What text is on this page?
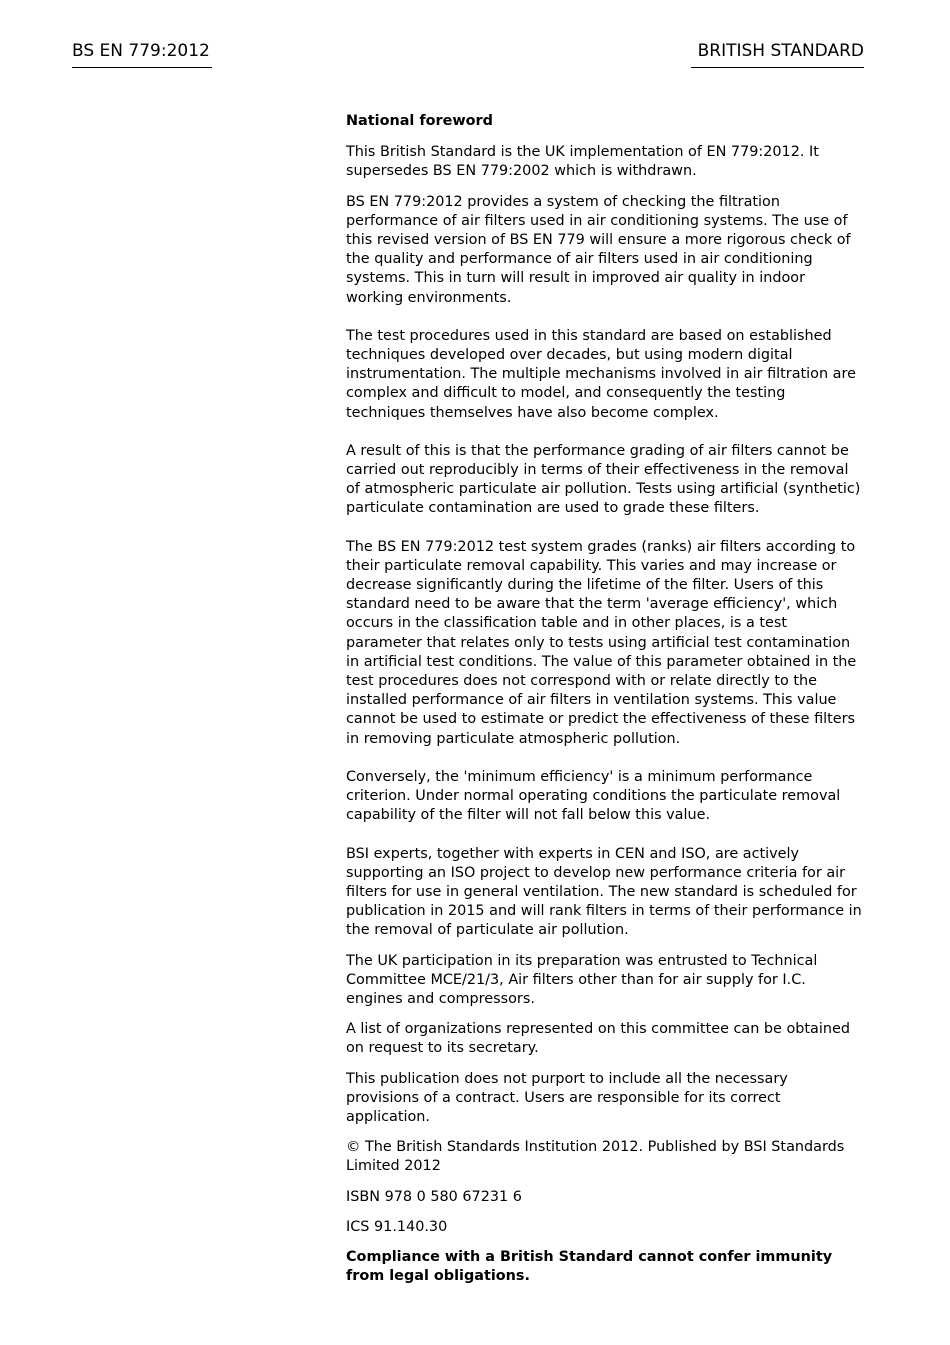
BS EN 779:2012	BRITISH STANDARD

National foreword

This British Standard is the UK implementation of EN 779:2012. It supersedes BS EN 779:2002 which is withdrawn.

BS EN 779:2012 provides a system of checking the filtration performance of air filters used in air conditioning systems. The use of this revised version of BS EN 779 will ensure a more rigorous check of the quality and performance of air filters used in air conditioning systems. This in turn will result in improved air quality in indoor working environments.

The test procedures used in this standard are based on established techniques developed over decades, but using modern digital instrumentation. The multiple mechanisms involved in air filtration are complex and difficult to model, and consequently the testing techniques themselves have also become complex.

A result of this is that the performance grading of air filters cannot be carried out reproducibly in terms of their effectiveness in the removal of atmospheric particulate air pollution. Tests using artificial (synthetic) particulate contamination are used to grade these filters.

The BS EN 779:2012 test system grades (ranks) air filters according to their particulate removal capability. This varies and may increase or decrease significantly during the lifetime of the filter. Users of this standard need to be aware that the term 'average efficiency', which occurs in the classification table and in other places, is a test parameter that relates only to tests using artificial test contamination in artificial test conditions. The value of this parameter obtained in the test procedures does not correspond with or relate directly to the installed performance of air filters in ventilation systems. This value cannot be used to estimate or predict the effectiveness of these filters in removing particulate atmospheric pollution.

Conversely, the 'minimum efficiency' is a minimum performance criterion. Under normal operating conditions the particulate removal capability of the filter will not fall below this value.

BSI experts, together with experts in CEN and ISO, are actively supporting an ISO project to develop new performance criteria for air filters for use in general ventilation. The new standard is scheduled for publication in 2015 and will rank filters in terms of their performance in the removal of particulate air pollution.

The UK participation in its preparation was entrusted to Technical Committee MCE/21/3, Air filters other than for air supply for I.C. engines and compressors.

A list of organizations represented on this committee can be obtained on request to its secretary.

This publication does not purport to include all the necessary provisions of a contract. Users are responsible for its correct application.

© The British Standards Institution 2012. Published by BSI Standards Limited 2012

ISBN 978 0 580 67231 6

ICS 91.140.30

Compliance with a British Standard cannot confer immunity from legal obligations.
